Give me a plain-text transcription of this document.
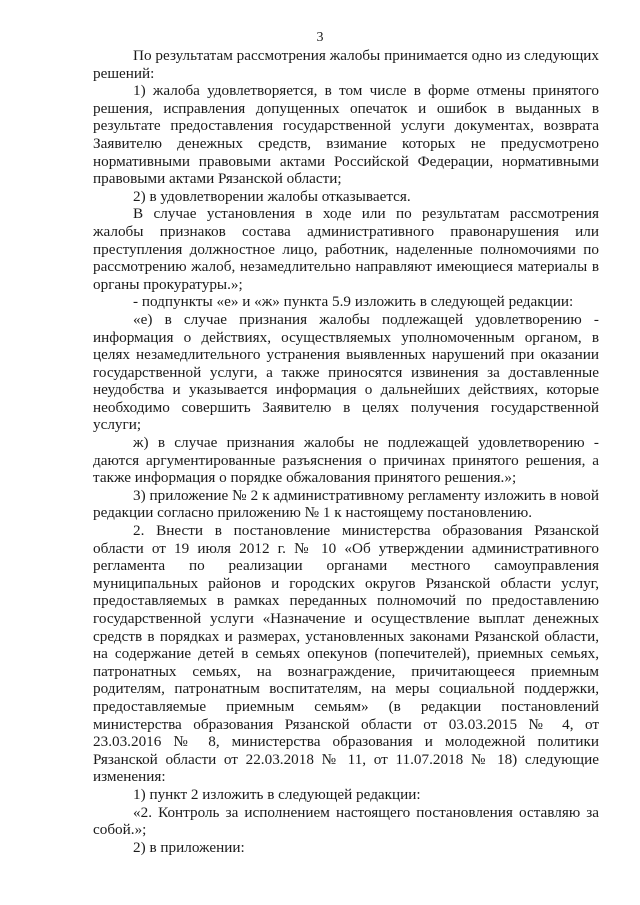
3

По результатам рассмотрения жалобы принимается одно из следующих решений:

1) жалоба удовлетворяется, в том числе в форме отмены принятого решения, исправления допущенных опечаток и ошибок в выданных в результате предоставления государственной услуги документах, возврата Заявителю денежных средств, взимание которых не предусмотрено нормативными правовыми актами Российской Федерации, нормативными правовыми актами Рязанской области;

2) в удовлетворении жалобы отказывается.

В случае установления в ходе или по результатам рассмотрения жалобы признаков состава административного правонарушения или преступления должностное лицо, работник, наделенные полномочиями по рассмотрению жалоб, незамедлительно направляют имеющиеся материалы в органы прокуратуры.»;

- подпункты «е» и «ж» пункта 5.9 изложить в следующей редакции:

«е) в случае признания жалобы подлежащей удовлетворению - информация о действиях, осуществляемых уполномоченным органом, в целях незамедлительного устранения выявленных нарушений при оказании государственной услуги, а также приносятся извинения за доставленные неудобства и указывается информация о дальнейших действиях, которые необходимо совершить Заявителю в целях получения государственной услуги;

ж) в случае признания жалобы не подлежащей удовлетворению - даются аргументированные разъяснения о причинах принятого решения, а также информация о порядке обжалования принятого решения.»;

3) приложение № 2 к административному регламенту изложить в новой редакции согласно приложению № 1 к настоящему постановлению.

2. Внести в постановление министерства образования Рязанской области от 19 июля 2012 г. № 10 «Об утверждении административного регламента по реализации органами местного самоуправления муниципальных районов и городских округов Рязанской области услуг, предоставляемых в рамках переданных полномочий по предоставлению государственной услуги «Назначение и осуществление выплат денежных средств в порядках и размерах, установленных законами Рязанской области, на содержание детей в семьях опекунов (попечителей), приемных семьях, патронатных семьях, на вознаграждение, причитающееся приемным родителям, патронатным воспитателям, на меры социальной поддержки, предоставляемые приемным семьям» (в редакции постановлений министерства образования Рязанской области от 03.03.2015 № 4, от 23.03.2016 № 8, министерства образования и молодежной политики Рязанской области от 22.03.2018 № 11, от 11.07.2018 № 18) следующие изменения:

1) пункт 2 изложить в следующей редакции:

«2. Контроль за исполнением настоящего постановления оставляю за собой.»;

2) в приложении:
